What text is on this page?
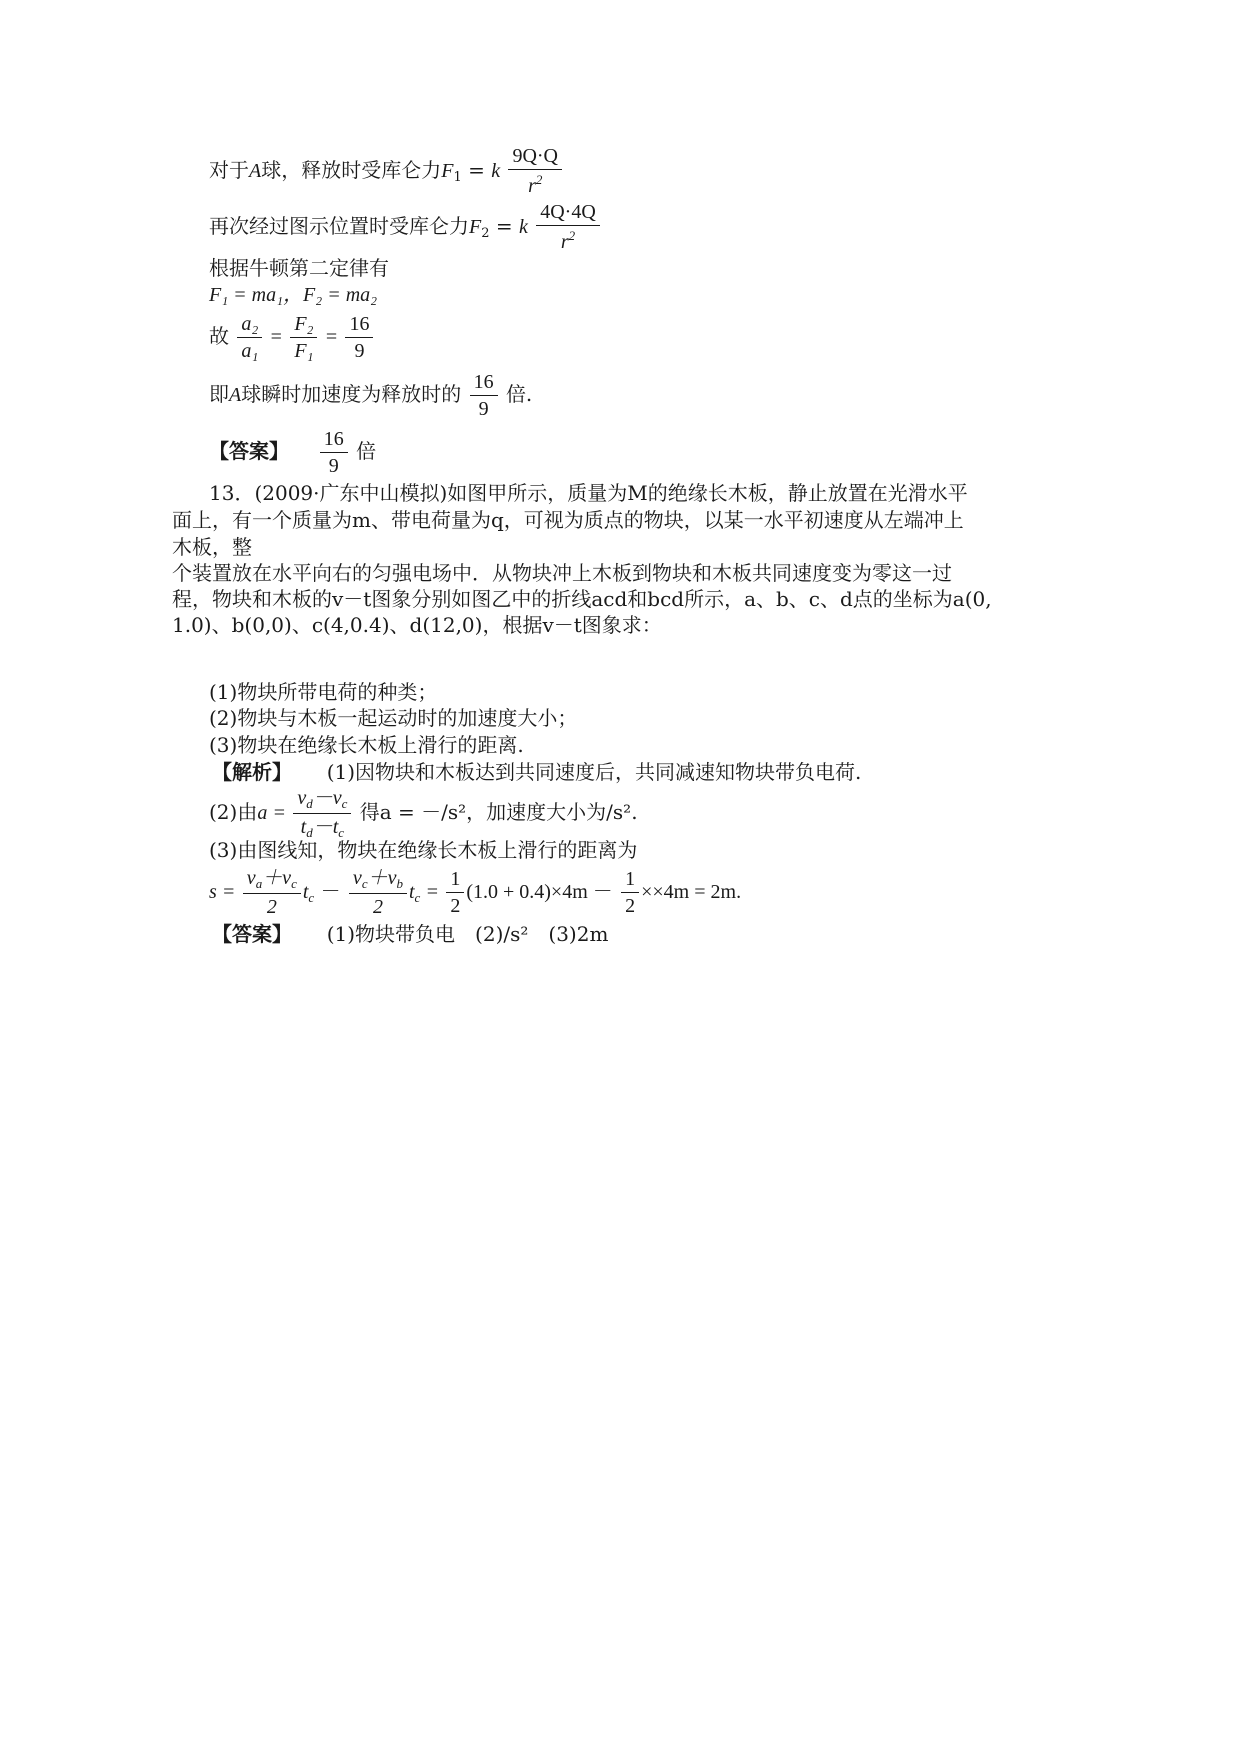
对于A球，释放时受库仑力$F_1 = k \frac{9Q\cdot Q}{r^2}$
再次经过图示位置时受库仑力$F_2 = k \frac{4Q\cdot 4Q}{r^2}$
根据牛顿第二定律有
F₁ = ma₁，F₂ = ma₂
故 $\frac{\text{a₂}}{\text{a₁}} = \frac{\text{F₂}}{\text{F₁}} = \frac{16}{9}$
即A球瞬时加速度为释放时的 $\frac{16}{9}$ 倍.
【答案】 $\frac{16}{9}$ 倍
13．(2009·广东中山模拟)如图甲所示，质量为M的绝缘长木板，静止放置在光滑水平
面上，有一个质量为m、带电荷量为q，可视为质点的物块，以某一水平初速度从左端冲上
木板，整
个装置放在水平向右的匀强电场中．从物块冲上木板到物块和木板共同速度变为零这一过
程，物块和木板的v－t图象分别如图乙中的折线acd和bcd所示，a、b、c、d点的坐标为a(0,
1.0)、b(0,0)、c(4,0.4)、d(12,0)，根据v－t图象求：
(1)物块所带电荷的种类；
(2)物块与木板一起运动时的加速度大小；
(3)物块在绝缘长木板上滑行的距离.
【解析】 (1)因物块和木板达到共同速度后，共同减速知物块带负电荷.
(2)由$a = \frac{v_d-v_c}{t_d-t_c}$ 得a = －/s²，加速度大小为/s².
(3)由图线知，物块在绝缘长木板上滑行的距离为
$s = \frac{v_a+v_c}{2} t_c - \frac{v_c+v_b}{2} t_c = \frac{1}{2} (1.0 + 0.4)\times 4m - \frac{1}{2} \times\times 4m = 2m$.
【答案】 (1)物块带负电　(2)/s²　(3)2m
